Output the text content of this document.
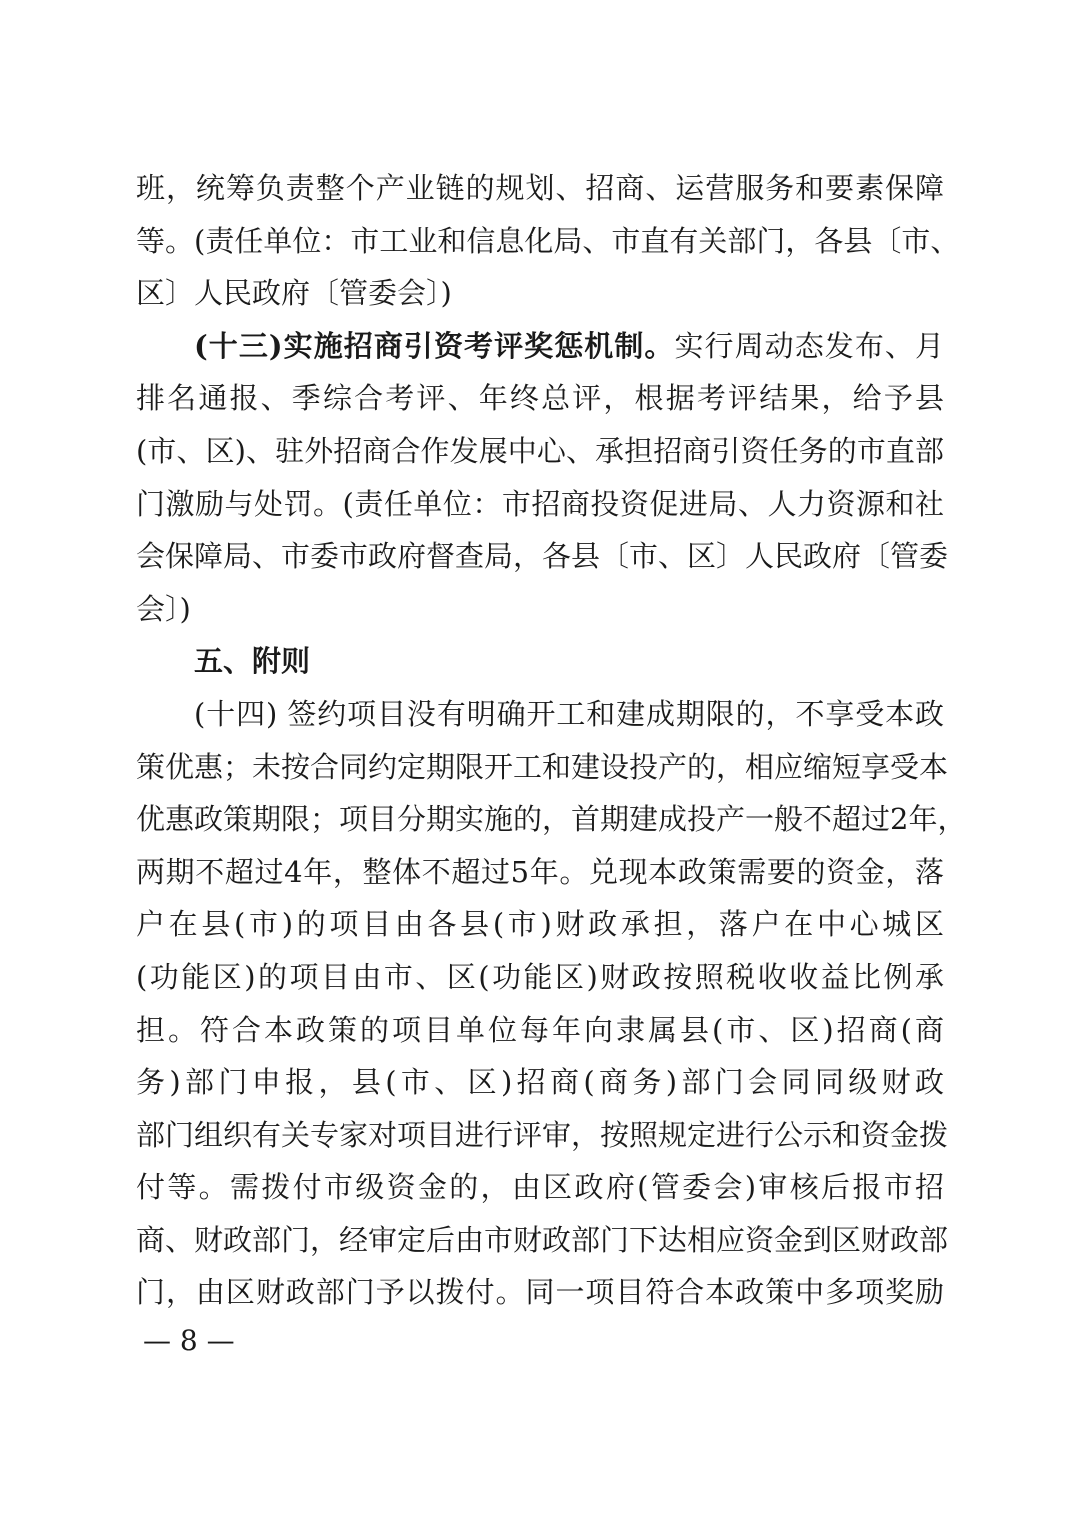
班，统筹负责整个产业链的规划、招商、运营服务和要素保障
等。(责任单位：市工业和信息化局、市直有关部门，各县〔市、
区〕人民政府〔管委会〕)
(十三)实施招商引资考评奖惩机制。实行周动态发布、月
排名通报、季综合考评、年终总评，根据考评结果，给予县
(市、区)、驻外招商合作发展中心、承担招商引资任务的市直部
门激励与处罚。(责任单位：市招商投资促进局、人力资源和社
会保障局、市委市政府督查局，各县〔市、区〕人民政府〔管委
会〕)
五、附则
(十四) 签约项目没有明确开工和建成期限的，不享受本政
策优惠；未按合同约定期限开工和建设投产的，相应缩短享受本
优惠政策期限；项目分期实施的，首期建成投产一般不超过2年，
两期不超过4年，整体不超过5年。兑现本政策需要的资金，落
户在县(市)的项目由各县(市)财政承担，落户在中心城区
(功能区)的项目由市、区(功能区)财政按照税收收益比例承
担。符合本政策的项目单位每年向隶属县(市、区)招商(商
务)部门申报，县(市、区)招商(商务)部门会同同级财政
部门组织有关专家对项目进行评审，按照规定进行公示和资金拨
付等。需拨付市级资金的，由区政府(管委会)审核后报市招
商、财政部门，经审定后由市财政部门下达相应资金到区财政部
门，由区财政部门予以拨付。同一项目符合本政策中多项奖励
— 8 —
